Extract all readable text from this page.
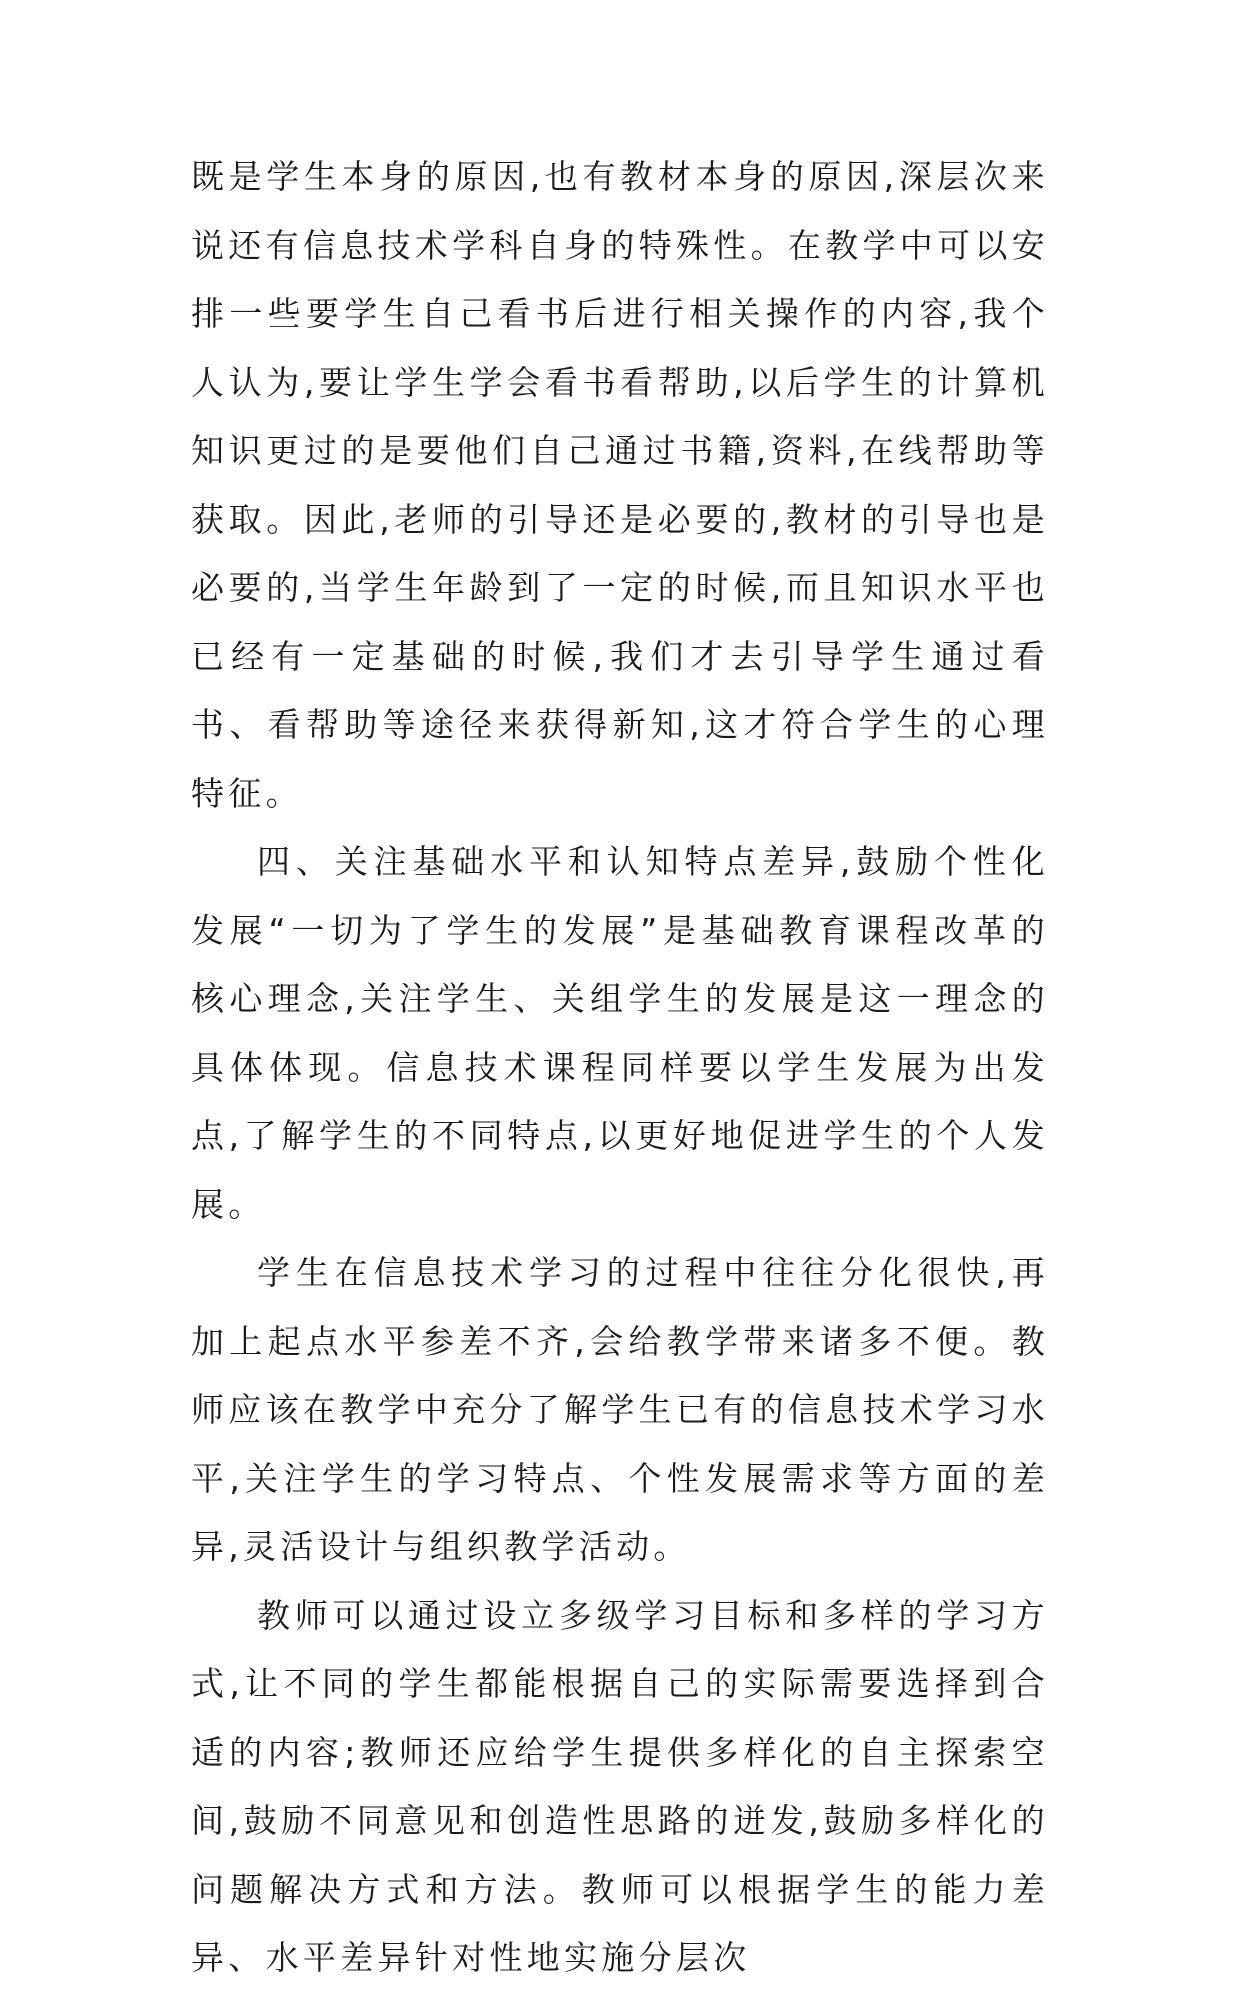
既是学生本身的原因,也有教材本身的原因,深层次来说还有信息技术学科自身的特殊性。在教学中可以安排一些要学生自己看书后进行相关操作的内容,我个人认为,要让学生学会看书看帮助,以后学生的计算机知识更过的是要他们自己通过书籍,资料,在线帮助等获取。因此,老师的引导还是必要的,教材的引导也是必要的,当学生年龄到了一定的时候,而且知识水平也已经有一定基础的时候,我们才去引导学生通过看书、看帮助等途径来获得新知,这才符合学生的心理特征。

四、关注基础水平和认知特点差异,鼓励个性化发展“一切为了学生的发展”是基础教育课程改革的核心理念,关注学生、关组学生的发展是这一理念的具体体现。信息技术课程同样要以学生发展为出发点,了解学生的不同特点,以更好地促进学生的个人发展。

学生在信息技术学习的过程中往往分化很快,再加上起点水平参差不齐,会给教学带来诸多不便。教师应该在教学中充分了解学生已有的信息技术学习水平,关注学生的学习特点、个性发展需求等方面的差异,灵活设计与组织教学活动。

教师可以通过设立多级学习目标和多样的学习方式,让不同的学生都能根据自己的实际需要选择到合适的内容;教师还应给学生提供多样化的自主探索空间,鼓励不同意见和创造性思路的迸发,鼓励多样化的问题解决方式和方法。教师可以根据学生的能力差异、水平差异针对性地实施分层次
